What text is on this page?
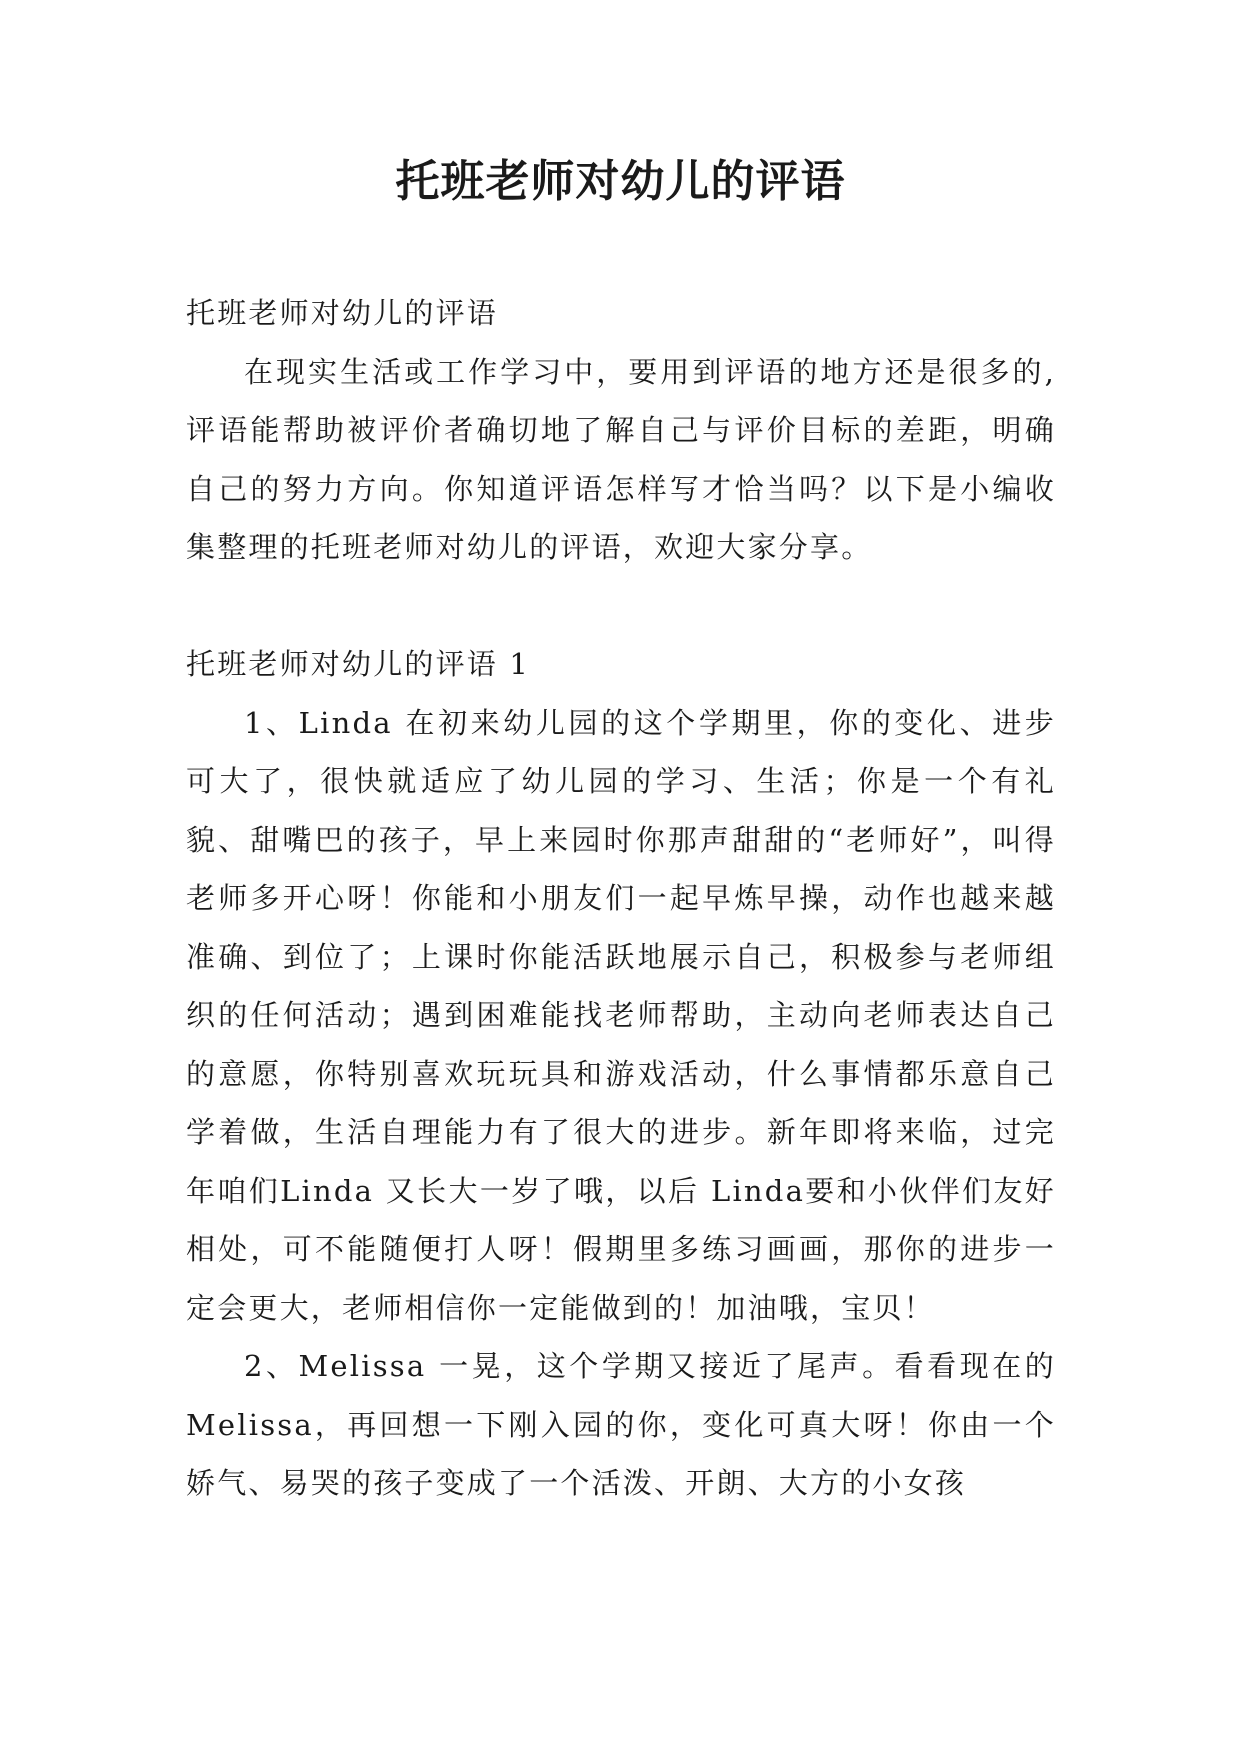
托班老师对幼儿的评语

托班老师对幼儿的评语

在现实生活或工作学习中，要用到评语的地方还是很多的,评语能帮助被评价者确切地了解自己与评价目标的差距，明确自己的努力方向。你知道评语怎样写才恰当吗？以下是小编收集整理的托班老师对幼儿的评语，欢迎大家分享。

托班老师对幼儿的评语 1

1、Linda 在初来幼儿园的这个学期里，你的变化、进步可大了，很快就适应了幼儿园的学习、生活；你是一个有礼貌、甜嘴巴的孩子，早上来园时你那声甜甜的“老师好”，叫得老师多开心呀！你能和小朋友们一起早炼早操，动作也越来越准确、到位了；上课时你能活跃地展示自己，积极参与老师组织的任何活动；遇到困难能找老师帮助，主动向老师表达自己的意愿，你特别喜欢玩玩具和游戏活动，什么事情都乐意自己学着做，生活自理能力有了很大的进步。新年即将来临，过完年咱们Linda 又长大一岁了哦，以后 Linda要和小伙伴们友好相处，可不能随便打人呀！假期里多练习画画，那你的进步一定会更大，老师相信你一定能做到的！加油哦，宝贝！

2、Melissa 一晃，这个学期又接近了尾声。看看现在的Melissa，再回想一下刚入园的你，变化可真大呀！你由一个娇气、易哭的孩子变成了一个活泼、开朗、大方的小女孩
